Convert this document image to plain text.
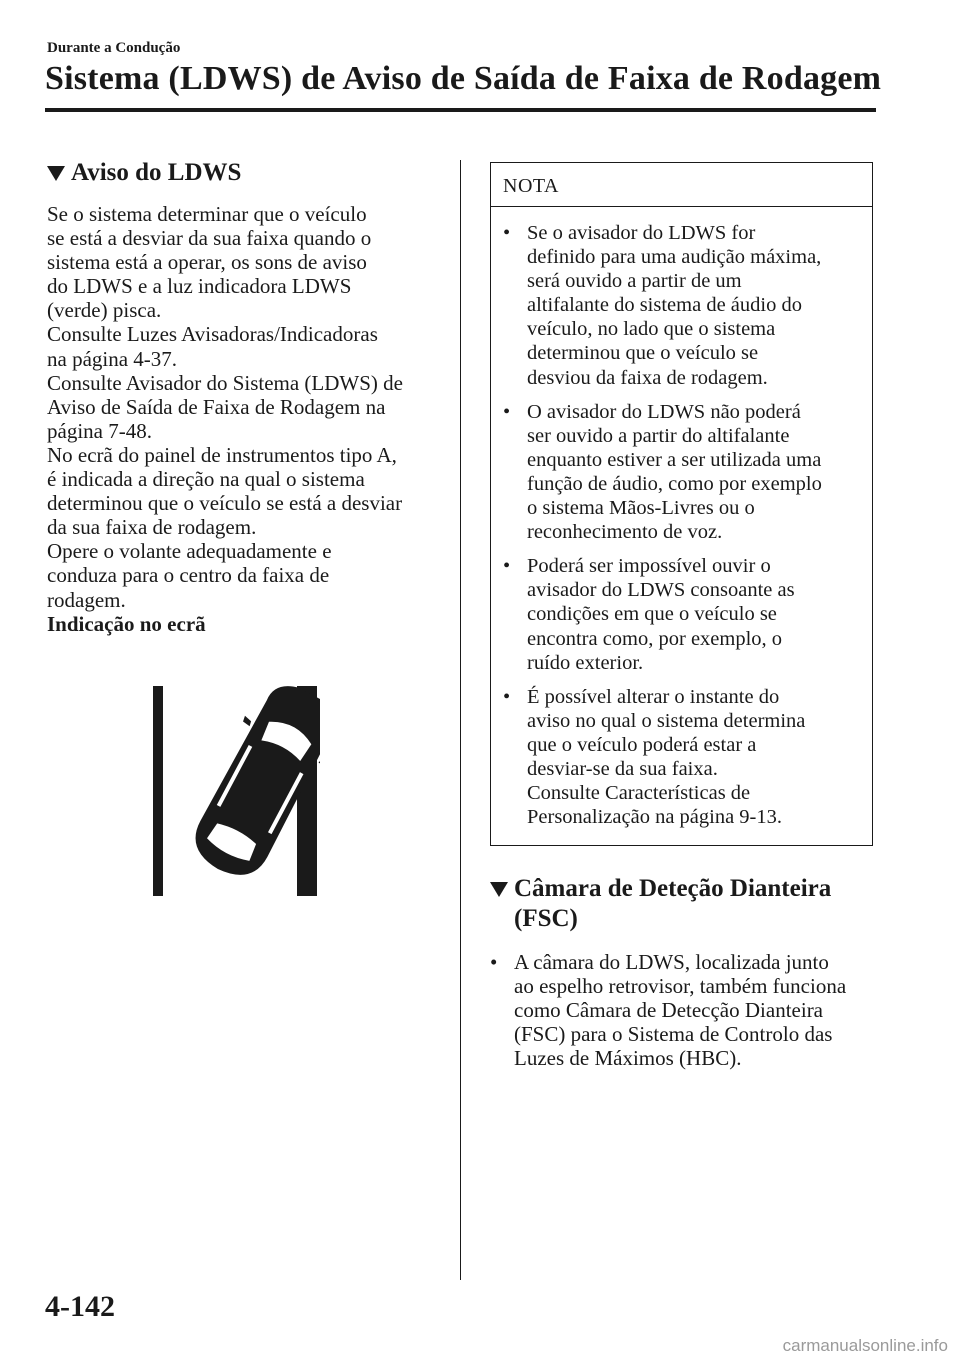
Durante a Condução
Sistema (LDWS) de Aviso de Saída de Faixa de Rodagem
Aviso do LDWS

Se o sistema determinar que o veículo

se está a desviar da sua faixa quando o

sistema está a operar, os sons de aviso

do LDWS e a luz indicadora LDWS

(verde) pisca.

Consulte Luzes Avisadoras/Indicadoras

na página 4-37.

Consulte Avisador do Sistema (LDWS) de

Aviso de Saída de Faixa de Rodagem na

página 7-48.

No ecrã do painel de instrumentos tipo A,

é indicada a direção na qual o sistema

determinou que o veículo se está a desviar

da sua faixa de rodagem.

Opere o volante adequadamente e

conduza para o centro da faixa de

rodagem.

Indicação no ecrã

NOTA
• Se o avisador do LDWS for
definido para uma audição máxima,
será ouvido a partir de um
altifalante do sistema de áudio do
veículo, no lado que o sistema
determinou que o veículo se
desviou da faixa de rodagem.
• O avisador do LDWS não poderá
ser ouvido a partir do altifalante
enquanto estiver a ser utilizada uma
função de áudio, como por exemplo
o sistema Mãos-Livres ou o
reconhecimento de voz.
• Poderá ser impossível ouvir o
avisador do LDWS consoante as
condições em que o veículo se
encontra como, por exemplo, o
ruído exterior.
• É possível alterar o instante do
aviso no qual o sistema determina
que o veículo poderá estar a
desviar-se da sua faixa.
Consulte Características de
Personalização na página 9-13.
Câmara de Deteção Dianteira
(FSC)
• A câmara do LDWS, localizada junto
ao espelho retrovisor, também funciona
como Câmara de Detecção Dianteira
(FSC) para o Sistema de Controlo das
Luzes de Máximos (HBC).
4-142
carmanualsonline.info
